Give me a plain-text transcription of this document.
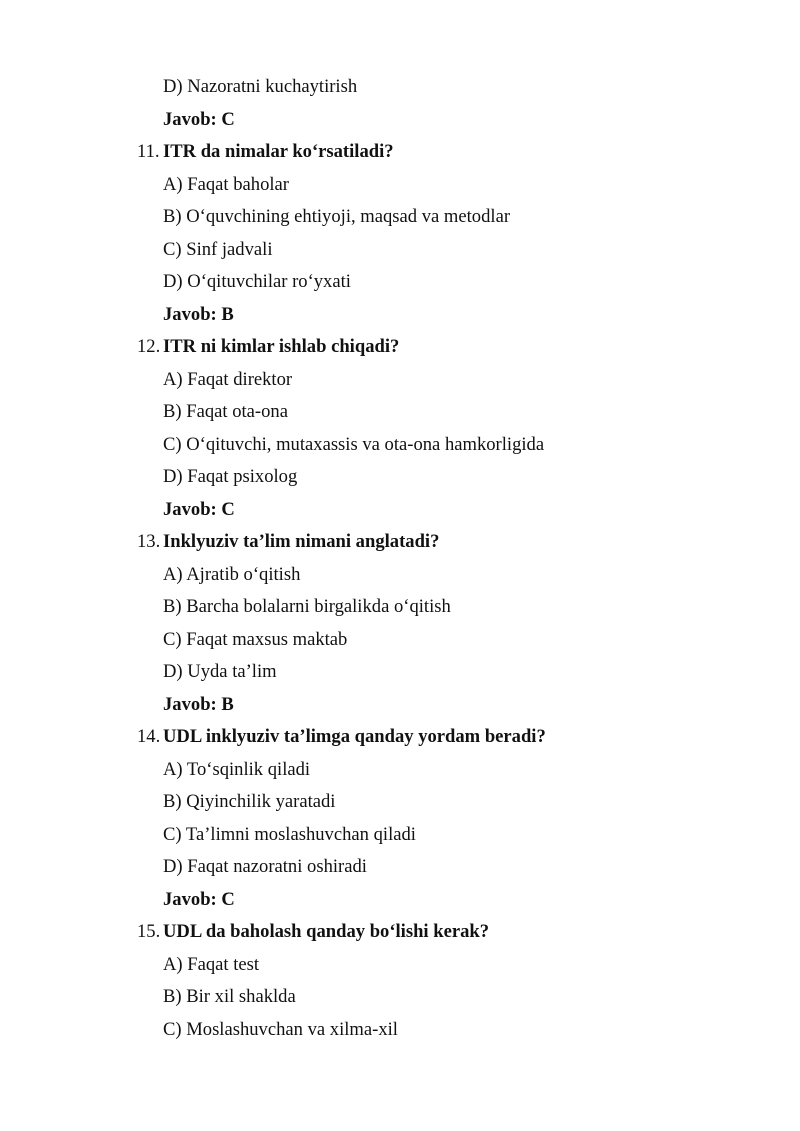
D) Nazoratni kuchaytirish
Javob: C
11. ITR da nimalar ko‘rsatiladi?
A) Faqat baholar
B) O‘quvchining ehtiyoji, maqsad va metodlar
C) Sinf jadvali
D) O‘qituvchilar ro‘yxati
Javob: B
12. ITR ni kimlar ishlab chiqadi?
A) Faqat direktor
B) Faqat ota-ona
C) O‘qituvchi, mutaxassis va ota-ona hamkorligida
D) Faqat psixolog
Javob: C
13. Inklyuziv ta’lim nimani anglatadi?
A) Ajratib o‘qitish
B) Barcha bolalarni birgalikda o‘qitish
C) Faqat maxsus maktab
D) Uyda ta’lim
Javob: B
14. UDL inklyuziv ta’limga qanday yordam beradi?
A) To‘sqinlik qiladi
B) Qiyinchilik yaratadi
C) Ta’limni moslashuvchan qiladi
D) Faqat nazoratni oshiradi
Javob: C
15. UDL da baholash qanday bo‘lishi kerak?
A) Faqat test
B) Bir xil shaklda
C) Moslashuvchan va xilma-xil
